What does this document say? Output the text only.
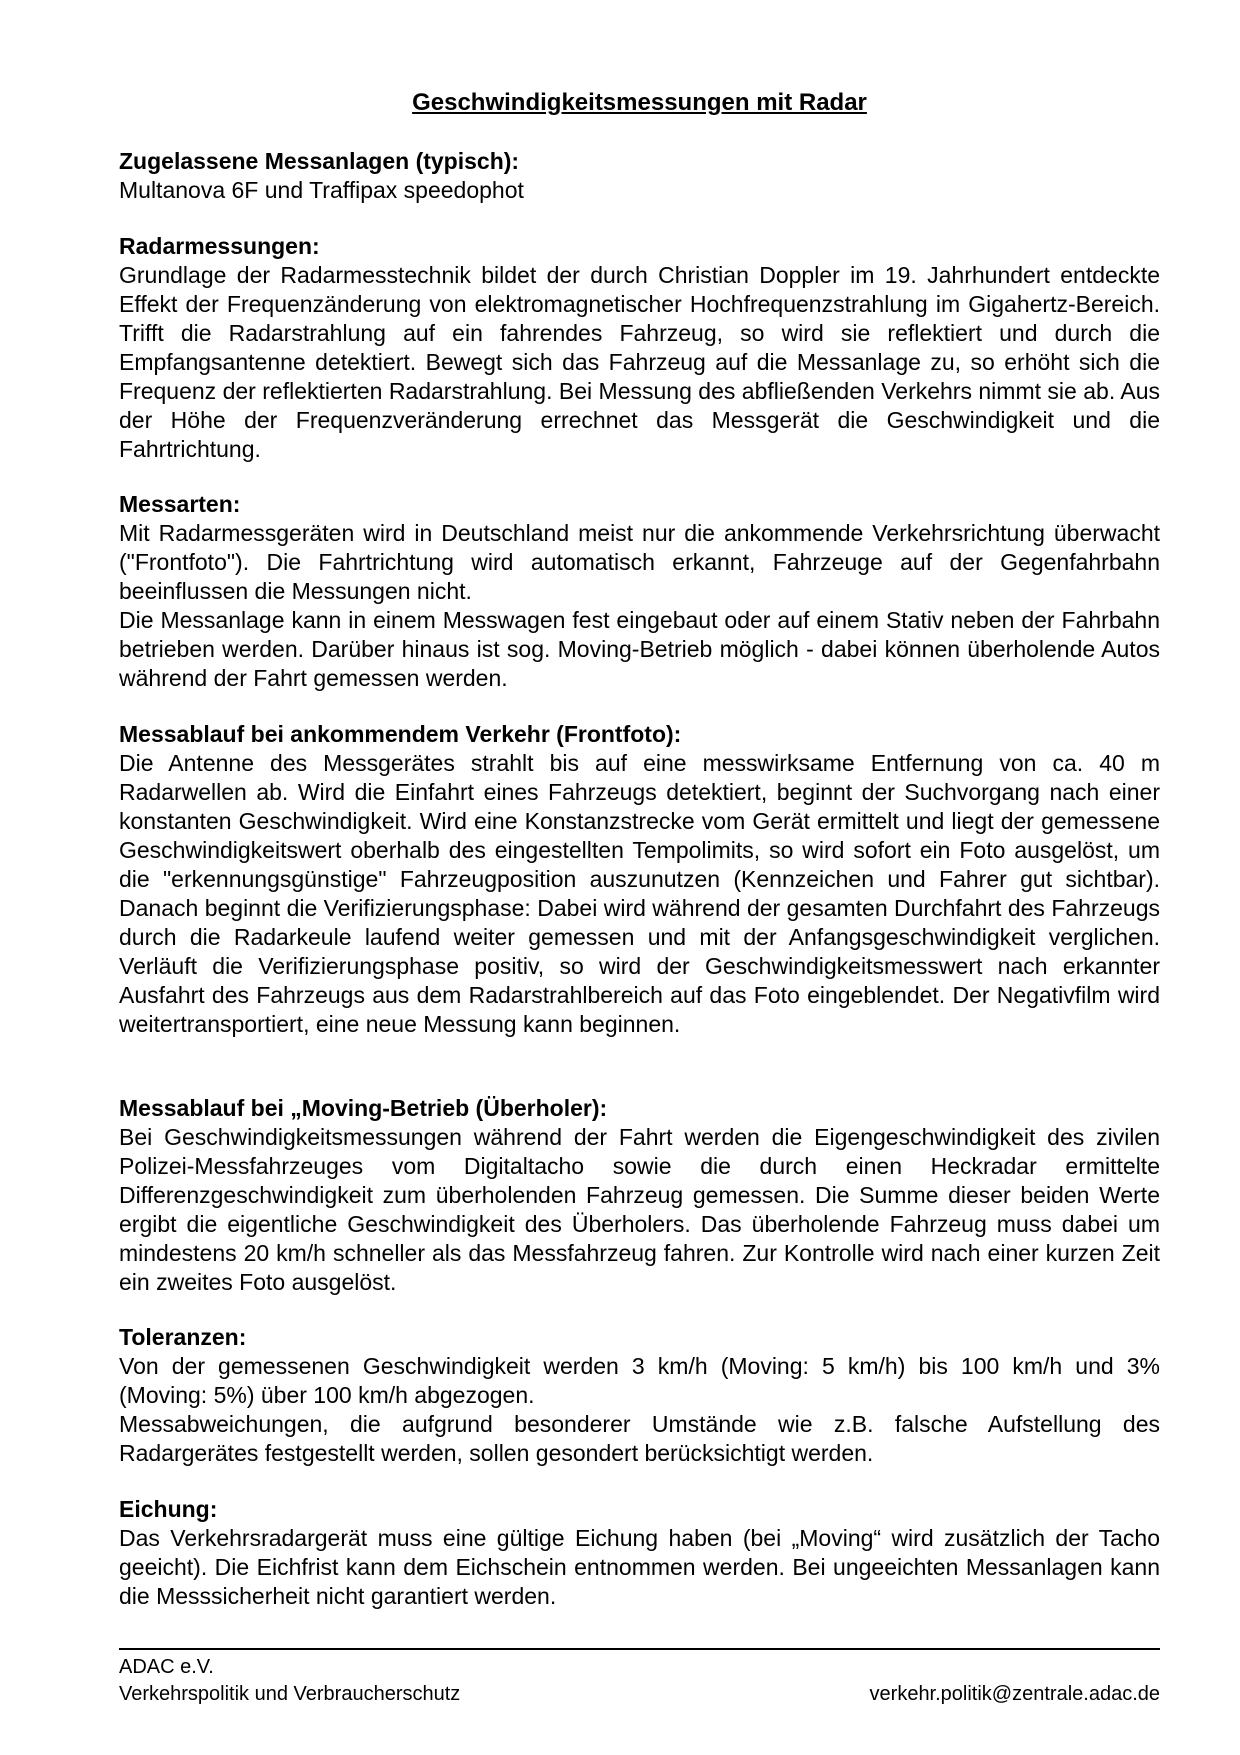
Geschwindigkeitsmessungen mit Radar

Zugelassene Messanlagen (typisch):

Multanova 6F und Traffipax speedophot

Radarmessungen:

Grundlage der Radarmesstechnik bildet der durch Christian Doppler im 19. Jahrhundert entdeckte Effekt der Frequenzänderung von elektromagnetischer Hochfrequenzstrahlung im Gigahertz-Bereich. Trifft die Radarstrahlung auf ein fahrendes Fahrzeug, so wird sie reflektiert und durch die Empfangsantenne detektiert. Bewegt sich das Fahrzeug auf die Messanlage zu, so erhöht sich die Frequenz der reflektierten Radarstrahlung. Bei Messung des abfließenden Verkehrs nimmt sie ab. Aus der Höhe der Frequenzveränderung errechnet das Messgerät die Geschwindigkeit und die Fahrtrichtung.

Messarten:

Mit Radarmessgeräten wird in Deutschland meist nur die ankommende Verkehrsrichtung überwacht ("Frontfoto"). Die Fahrtrichtung wird automatisch erkannt, Fahrzeuge auf der Gegenfahrbahn beeinflussen die Messungen nicht.

Die Messanlage kann in einem Messwagen fest eingebaut oder auf einem Stativ neben der Fahrbahn betrieben werden. Darüber hinaus ist sog. Moving-Betrieb möglich - dabei können überholende Autos während der Fahrt gemessen werden.

Messablauf bei ankommendem Verkehr (Frontfoto):

Die Antenne des Messgerätes strahlt bis auf eine messwirksame Entfernung von ca. 40 m Radarwellen ab. Wird die Einfahrt eines Fahrzeugs detektiert, beginnt der Suchvorgang nach einer konstanten Geschwindigkeit. Wird eine Konstanzstrecke vom Gerät ermittelt und liegt der gemessene Geschwindigkeitswert oberhalb des eingestellten Tempolimits, so wird sofort ein Foto ausgelöst, um die "erkennungsgünstige" Fahrzeugposition auszunutzen (Kennzeichen und Fahrer gut sichtbar). Danach beginnt die Verifizierungsphase: Dabei wird während der gesamten Durchfahrt des Fahrzeugs durch die Radarkeule laufend weiter gemessen und mit der Anfangsgeschwindigkeit verglichen. Verläuft die Verifizierungsphase positiv, so wird der Geschwindigkeitsmesswert nach erkannter Ausfahrt des Fahrzeugs aus dem Radarstrahlbereich auf das Foto eingeblendet. Der Negativfilm wird weitertransportiert, eine neue Messung kann beginnen.

Messablauf bei „Moving-Betrieb (Überholer):

Bei Geschwindigkeitsmessungen während der Fahrt werden die Eigengeschwindigkeit des zivilen Polizei-Messfahrzeuges vom Digitaltacho sowie die durch einen Heckradar ermittelte Differenzgeschwindigkeit zum überholenden Fahrzeug gemessen. Die Summe dieser beiden Werte ergibt die eigentliche Geschwindigkeit des Überholers. Das überholende Fahrzeug muss dabei um mindestens 20 km/h schneller als das Messfahrzeug fahren. Zur Kontrolle wird nach einer kurzen Zeit ein zweites Foto ausgelöst.

Toleranzen:

Von der gemessenen Geschwindigkeit werden 3 km/h (Moving: 5 km/h) bis 100 km/h und 3% (Moving: 5%) über 100 km/h abgezogen.

Messabweichungen, die aufgrund besonderer Umstände wie z.B. falsche Aufstellung des Radargerätes festgestellt werden, sollen gesondert berücksichtigt werden.

Eichung:

Das Verkehrsradargerät muss eine gültige Eichung haben (bei „Moving“ wird zusätzlich der Tacho geeicht). Die Eichfrist kann dem Eichschein entnommen werden. Bei ungeeichten Messanlagen kann die Messsicherheit nicht garantiert werden.

ADAC e.V.
Verkehrspolitik und Verbraucherschutz	verkehr.politik@zentrale.adac.de
